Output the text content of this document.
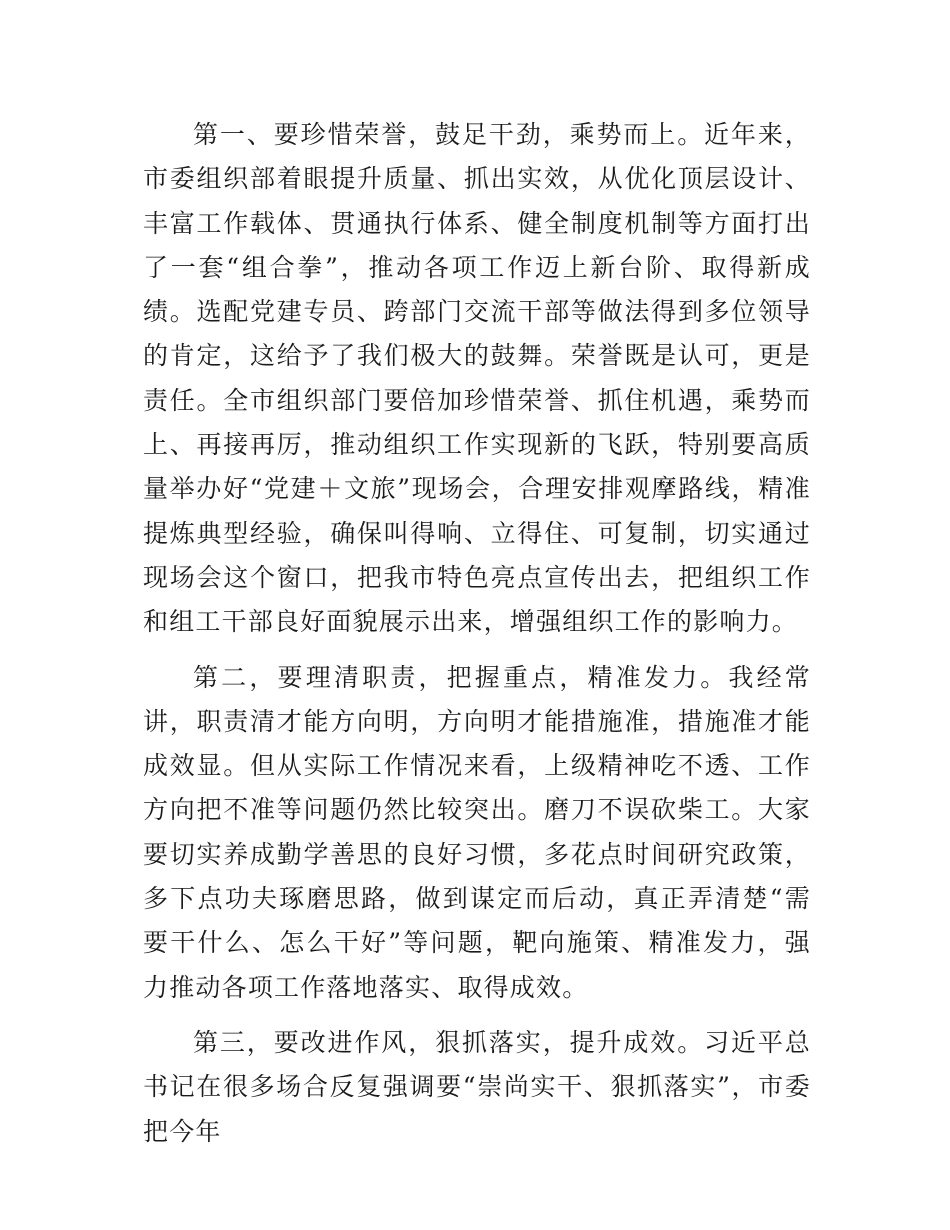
第一、要珍惜荣誉，鼓足干劲，乘势而上。近年来，市委组织部着眼提升质量、抓出实效，从优化顶层设计、丰富工作载体、贯通执行体系、健全制度机制等方面打出了一套“组合拳”，推动各项工作迈上新台阶、取得新成绩。选配党建专员、跨部门交流干部等做法得到多位领导的肯定，这给予了我们极大的鼓舞。荣誉既是认可，更是责任。全市组织部门要倍加珍惜荣誉、抓住机遇，乘势而上、再接再厉，推动组织工作实现新的飞跃，特别要高质量举办好“党建＋文旅”现场会，合理安排观摩路线，精准提炼典型经验，确保叫得响、立得住、可复制，切实通过现场会这个窗口，把我市特色亮点宣传出去，把组织工作和组工干部良好面貌展示出来，增强组织工作的影响力。

第二，要理清职责，把握重点，精准发力。我经常讲，职责清才能方向明，方向明才能措施准，措施准才能成效显。但从实际工作情况来看，上级精神吃不透、工作方向把不准等问题仍然比较突出。磨刀不误砍柴工。大家要切实养成勤学善思的良好习惯，多花点时间研究政策，多下点功夫琢磨思路，做到谋定而后动，真正弄清楚“需要干什么、怎么干好”等问题，靶向施策、精准发力，强力推动各项工作落地落实、取得成效。

第三，要改进作风，狠抓落实，提升成效。习近平总书记在很多场合反复强调要“崇尚实干、狠抓落实”，市委把今年
